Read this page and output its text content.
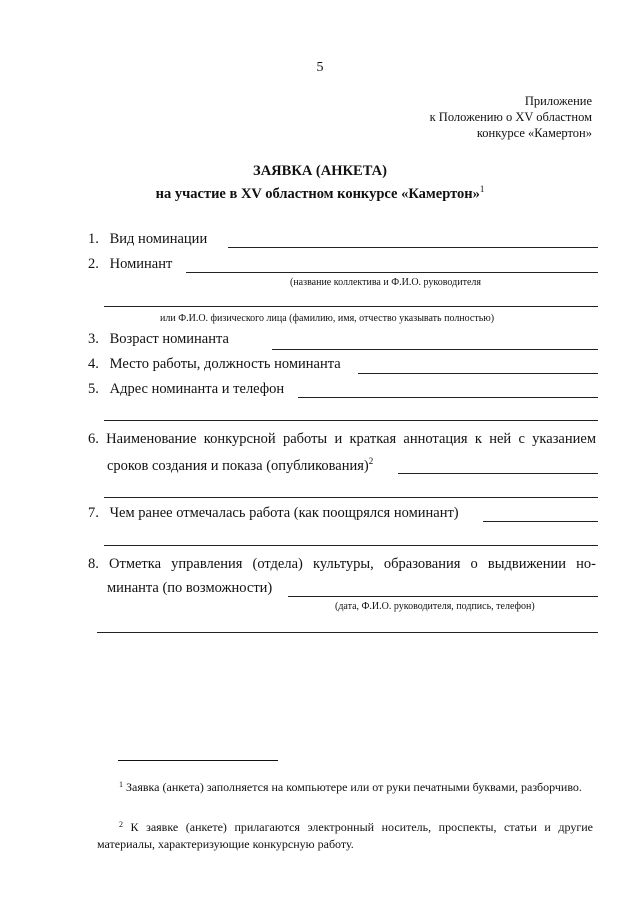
5
Приложение
к Положению о XV областном
конкурсе «Камертон»
ЗАЯВКА (АНКЕТА)
на участие в XV областном конкурсе «Камертон»$^1$
1. Вид номинации
2. Номинант
(название коллектива и Ф.И.О. руководителя
или Ф.И.О. физического лица (фамилию, имя, отчество указывать полностью)
3. Возраст номинанта
4. Место работы, должность номинанта
5. Адрес номинанта и телефон
6. Наименование конкурсной работы и краткая аннотация к ней с указанием
сроков создания и показа (опубликования)$^2$
7. Чем ранее отмечалась работа (как поощрялся номинант)
8. Отметка управления (отдела) культуры, образования о выдвижении но-
минанта (по возможности)
(дата, Ф.И.О. руководителя, подпись, телефон)
$^1$ Заявка (анкета) заполняется на компьютере или от руки печатными буквами, разборчиво.
$^2$ К заявке (анкете) прилагаются электронный носитель, проспекты, статьи и другие материалы, характеризующие конкурсную работу.
